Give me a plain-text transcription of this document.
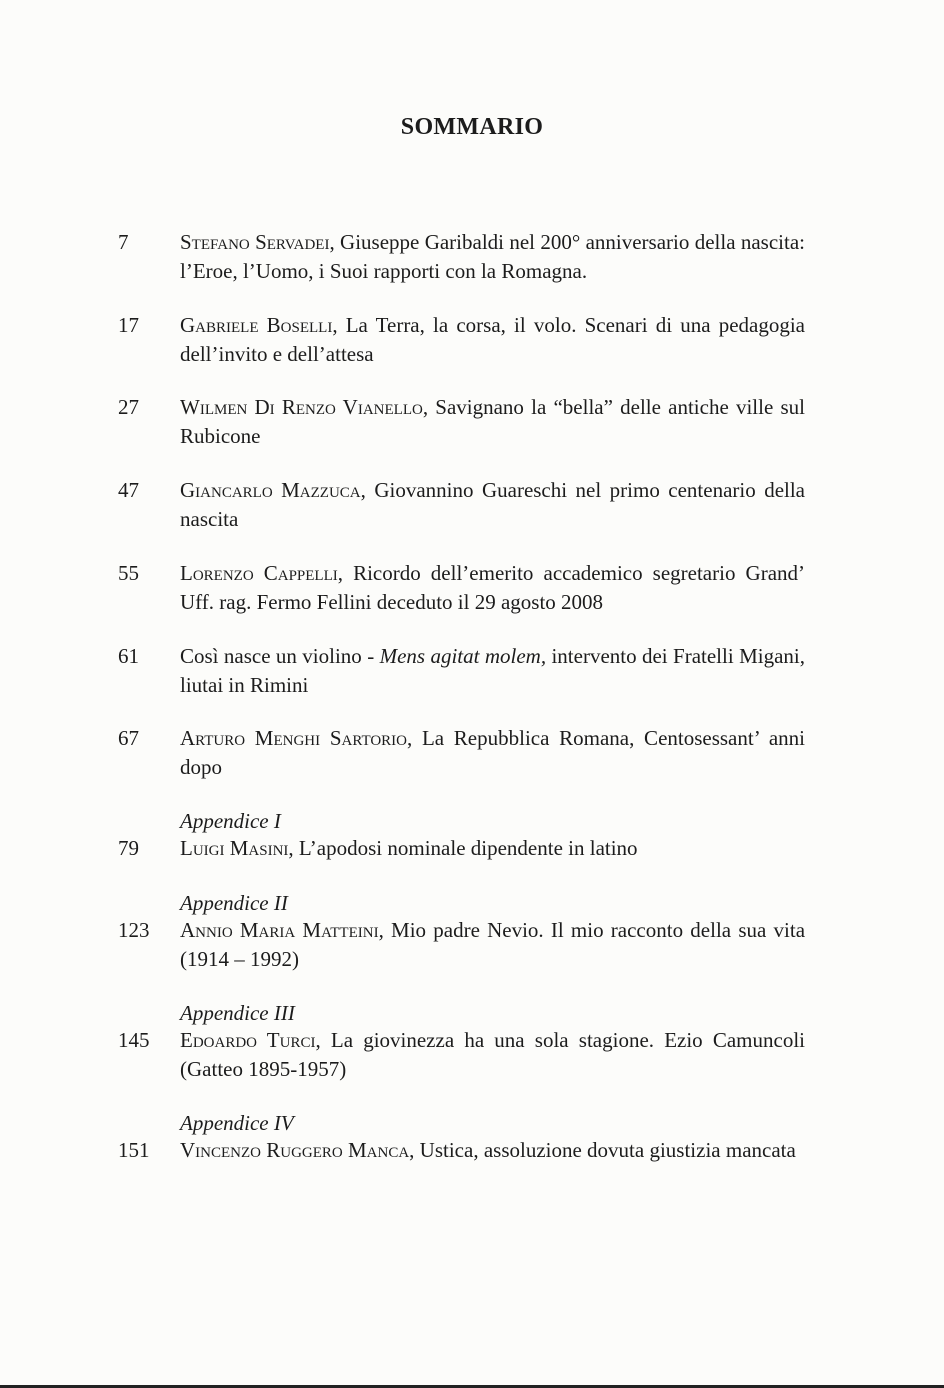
SOMMARIO
7	Stefano Servadei, Giuseppe Garibaldi nel 200° anniversario della nascita: l’Eroe, l’Uomo, i Suoi rapporti con la Romagna.
17	Gabriele Boselli, La Terra, la corsa, il volo. Scenari di una pedagogia dell’invito e dell’attesa
27	Wilmen Di Renzo Vianello, Savignano la “bella” delle antiche ville sul Rubicone
47	Giancarlo Mazzuca, Giovannino Guareschi nel primo centenario della nascita
55	Lorenzo Cappelli, Ricordo dell’emerito accademico segretario Grand’ Uff. rag. Fermo Fellini deceduto il 29 agosto 2008
61	Così nasce un violino - Mens agitat molem, intervento dei Fratelli Migani, liutai in Rimini
67	Arturo Menghi Sartorio, La Repubblica Romana, Centosessant’ anni dopo
Appendice I
79	Luigi Masini, L’apodosi nominale dipendente in latino
Appendice II
123	Annio Maria Matteini, Mio padre Nevio. Il mio racconto della sua vita (1914 – 1992)
Appendice III
145	Edoardo Turci, La giovinezza ha una sola stagione. Ezio Camuncoli (Gatteo 1895-1957)
Appendice IV
151	Vincenzo Ruggero Manca, Ustica, assoluzione dovuta giustizia mancata
